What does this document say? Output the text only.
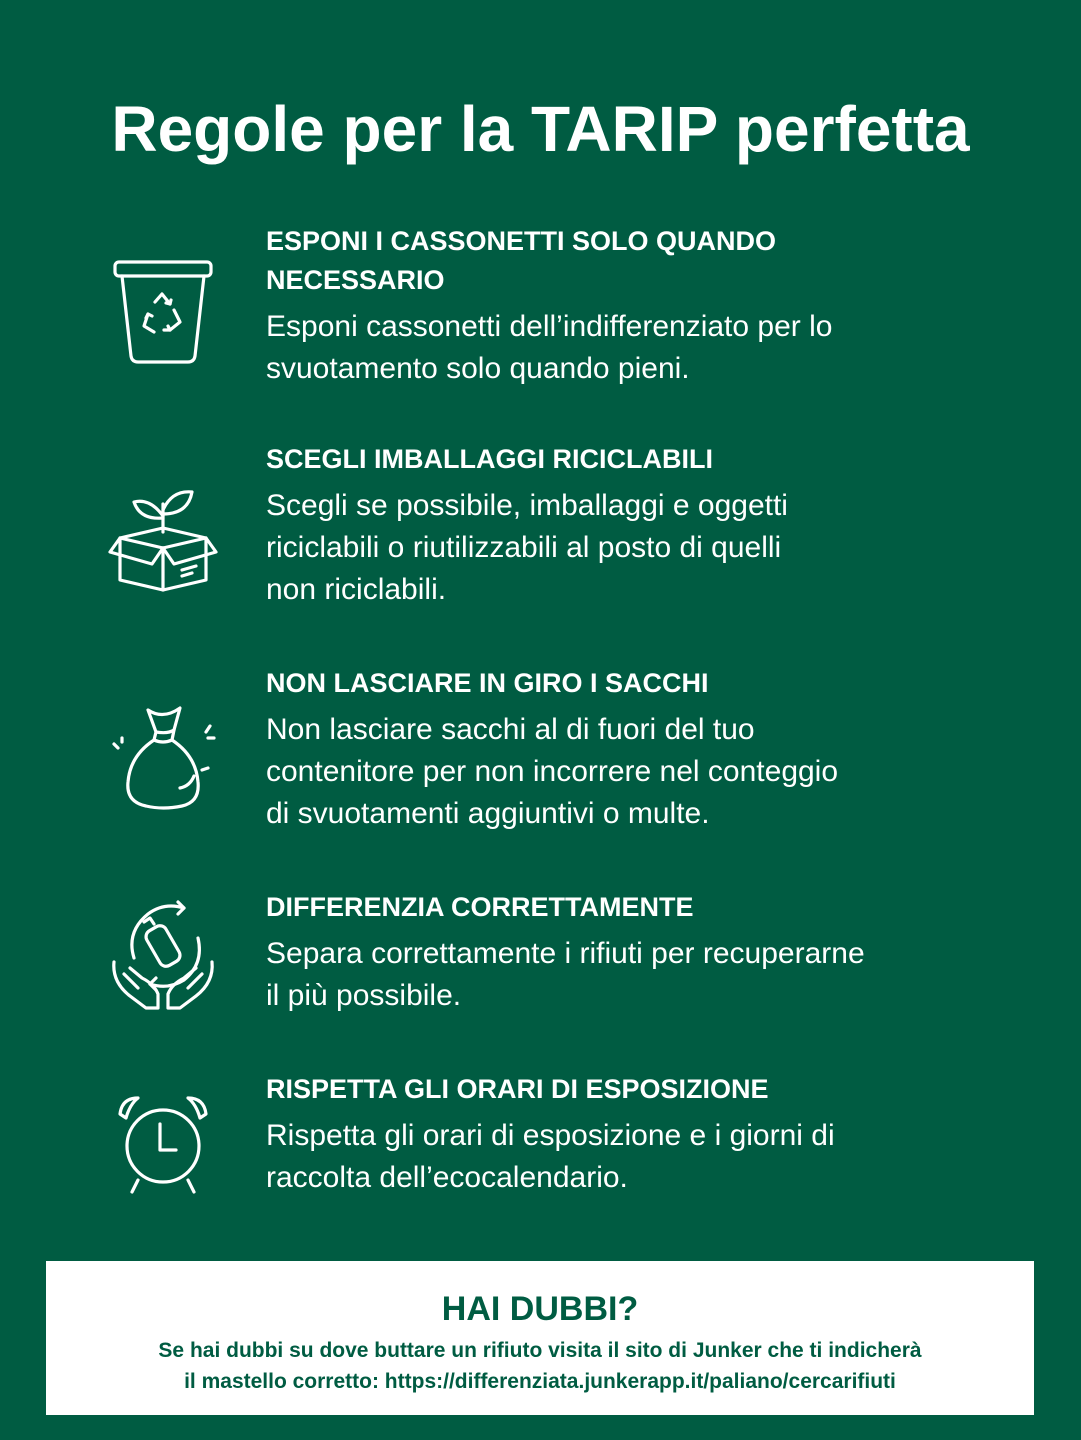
Regole per la TARIP perfetta
ESPONI I CASSONETTI SOLO QUANDO
NECESSARIO
Esponi cassonetti dell’indifferenziato per lo
svuotamento solo quando pieni.
SCEGLI IMBALLAGGI RICICLABILI
Scegli se possibile, imballaggi e oggetti
riciclabili o riutilizzabili al posto di quelli
non riciclabili.
NON LASCIARE IN GIRO I SACCHI
Non lasciare sacchi al di fuori del tuo
contenitore per non incorrere nel conteggio
di svuotamenti aggiuntivi o multe.
DIFFERENZIA CORRETTAMENTE
Separa correttamente i rifiuti per recuperarne
il più possibile.
RISPETTA GLI ORARI DI ESPOSIZIONE
Rispetta gli orari di esposizione e i giorni di
raccolta dell’ecocalendario.
HAI DUBBI?
Se hai dubbi su dove buttare un rifiuto visita il sito di Junker che ti indicherà
il mastello corretto: https://differenziata.junkerapp.it/paliano/cercarifiuti
